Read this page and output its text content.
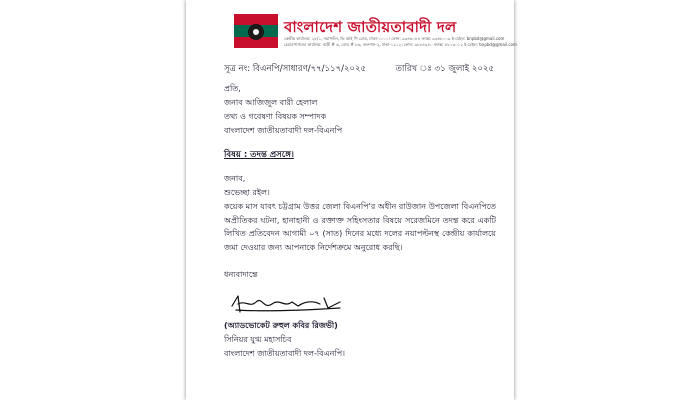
বাংলাদেশ জাতীয়তাবাদী দল
কেন্দ্রীয় কার্যালয়: ২৮/১, নয়াপল্টন, ভি আই পি রোড, ঢাকা-১০০০। ফোন: ৯৩৪৬০৮৪ ফ্যাক্স: ৯৩৪৮০০৯ ই-মেইল: bnpbd@gmail.com
চেয়ারপার্সনের কার্যালয়: বাড়ী # ৬, রোড # ৮৬, গুলশান-২, ঢাকা-১২১২। ফোন: ৯৮৮৪৯৪০ ফ্যাক্স: ৮৮১৩০১২ ই-মেইল: bnpbd@gmail.com
সূত্র নং: বিএনপি/সাধারণ/৭৭/১১৭/২০২৫	তারিখ ঃ ৩১ জুলাই ২০২৫
প্রতি,
জনাব আজিজুল বারী হেলাল
তথ্য ও গবেষণা বিষয়ক সম্পাদক
বাংলাদেশ জাতীয়তাবাদী দল-বিএনপি
বিষয় : তদন্ত প্রসঙ্গে।
জনাব,
শুভেচ্ছা রইল।
কয়েক মাস যাবৎ চট্টগ্রাম উত্তর জেলা বিএনপি'র অধীন রাউজান উপজেলা বিএনপিতে অপ্রীতিকর ঘটনা, হানাহানী ও রক্তাক্ত সহিংসতার বিষয়ে সরেজমিনে তদন্ত করে একটি লিখিত প্রতিবেদন আগামী ০৭ (সাত) দিনের মধ্যে দলের নয়াপল্টনস্থ কেন্দ্রীয় কার্যালয়ে জমা দেওয়ার জন্য আপনাকে নির্দেশক্রমে অনুরোধ করছি।
ধন্যবাদান্তে
(অ্যাডভোকেট রুহুল কবির রিজভী)
সিনিয়র যুগ্ম মহাসচিব
বাংলাদেশ জাতীয়তাবাদী দল-বিএনপি।
